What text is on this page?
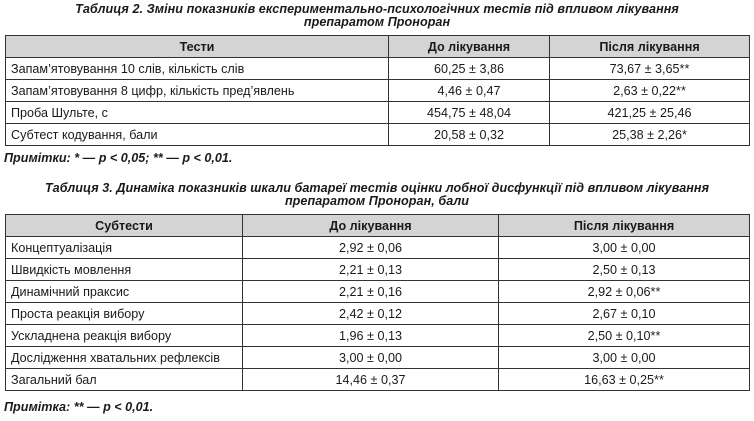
Таблиця 2. Зміни показників експериментально-психологічних тестів під впливом лікування
препаратом Проноран
Тести	До лікування	Після лікування
Запам’ятовування 10 слів, кількість слів	60,25 ± 3,86	73,67 ± 3,65**
Запам’ятовування 8 цифр, кількість пред’явлень	4,46 ± 0,47	2,63 ± 0,22**
Проба Шульте, с	454,75 ± 48,04	421,25 ± 25,46
Субтест кодування, бали	20,58 ± 0,32	25,38 ± 2,26*
Примітки: * — p < 0,05; ** — p < 0,01.
Таблиця 3. Динаміка показників шкали батареї тестів оцінки лобної дисфункції під впливом лікування
препаратом Проноран, бали
Субтести	До лікування	Після лікування
Концептуалізація	2,92 ± 0,06	3,00 ± 0,00
Швидкість мовлення	2,21 ± 0,13	2,50 ± 0,13
Динамічний праксис	2,21 ± 0,16	2,92 ± 0,06**
Проста реакція вибору	2,42 ± 0,12	2,67 ± 0,10
Ускладнена реакція вибору	1,96 ± 0,13	2,50 ± 0,10**
Дослідження хватальних рефлексів	3,00 ± 0,00	3,00 ± 0,00
Загальний бал	14,46 ± 0,37	16,63 ± 0,25**
Примітка: ** — p < 0,01.
